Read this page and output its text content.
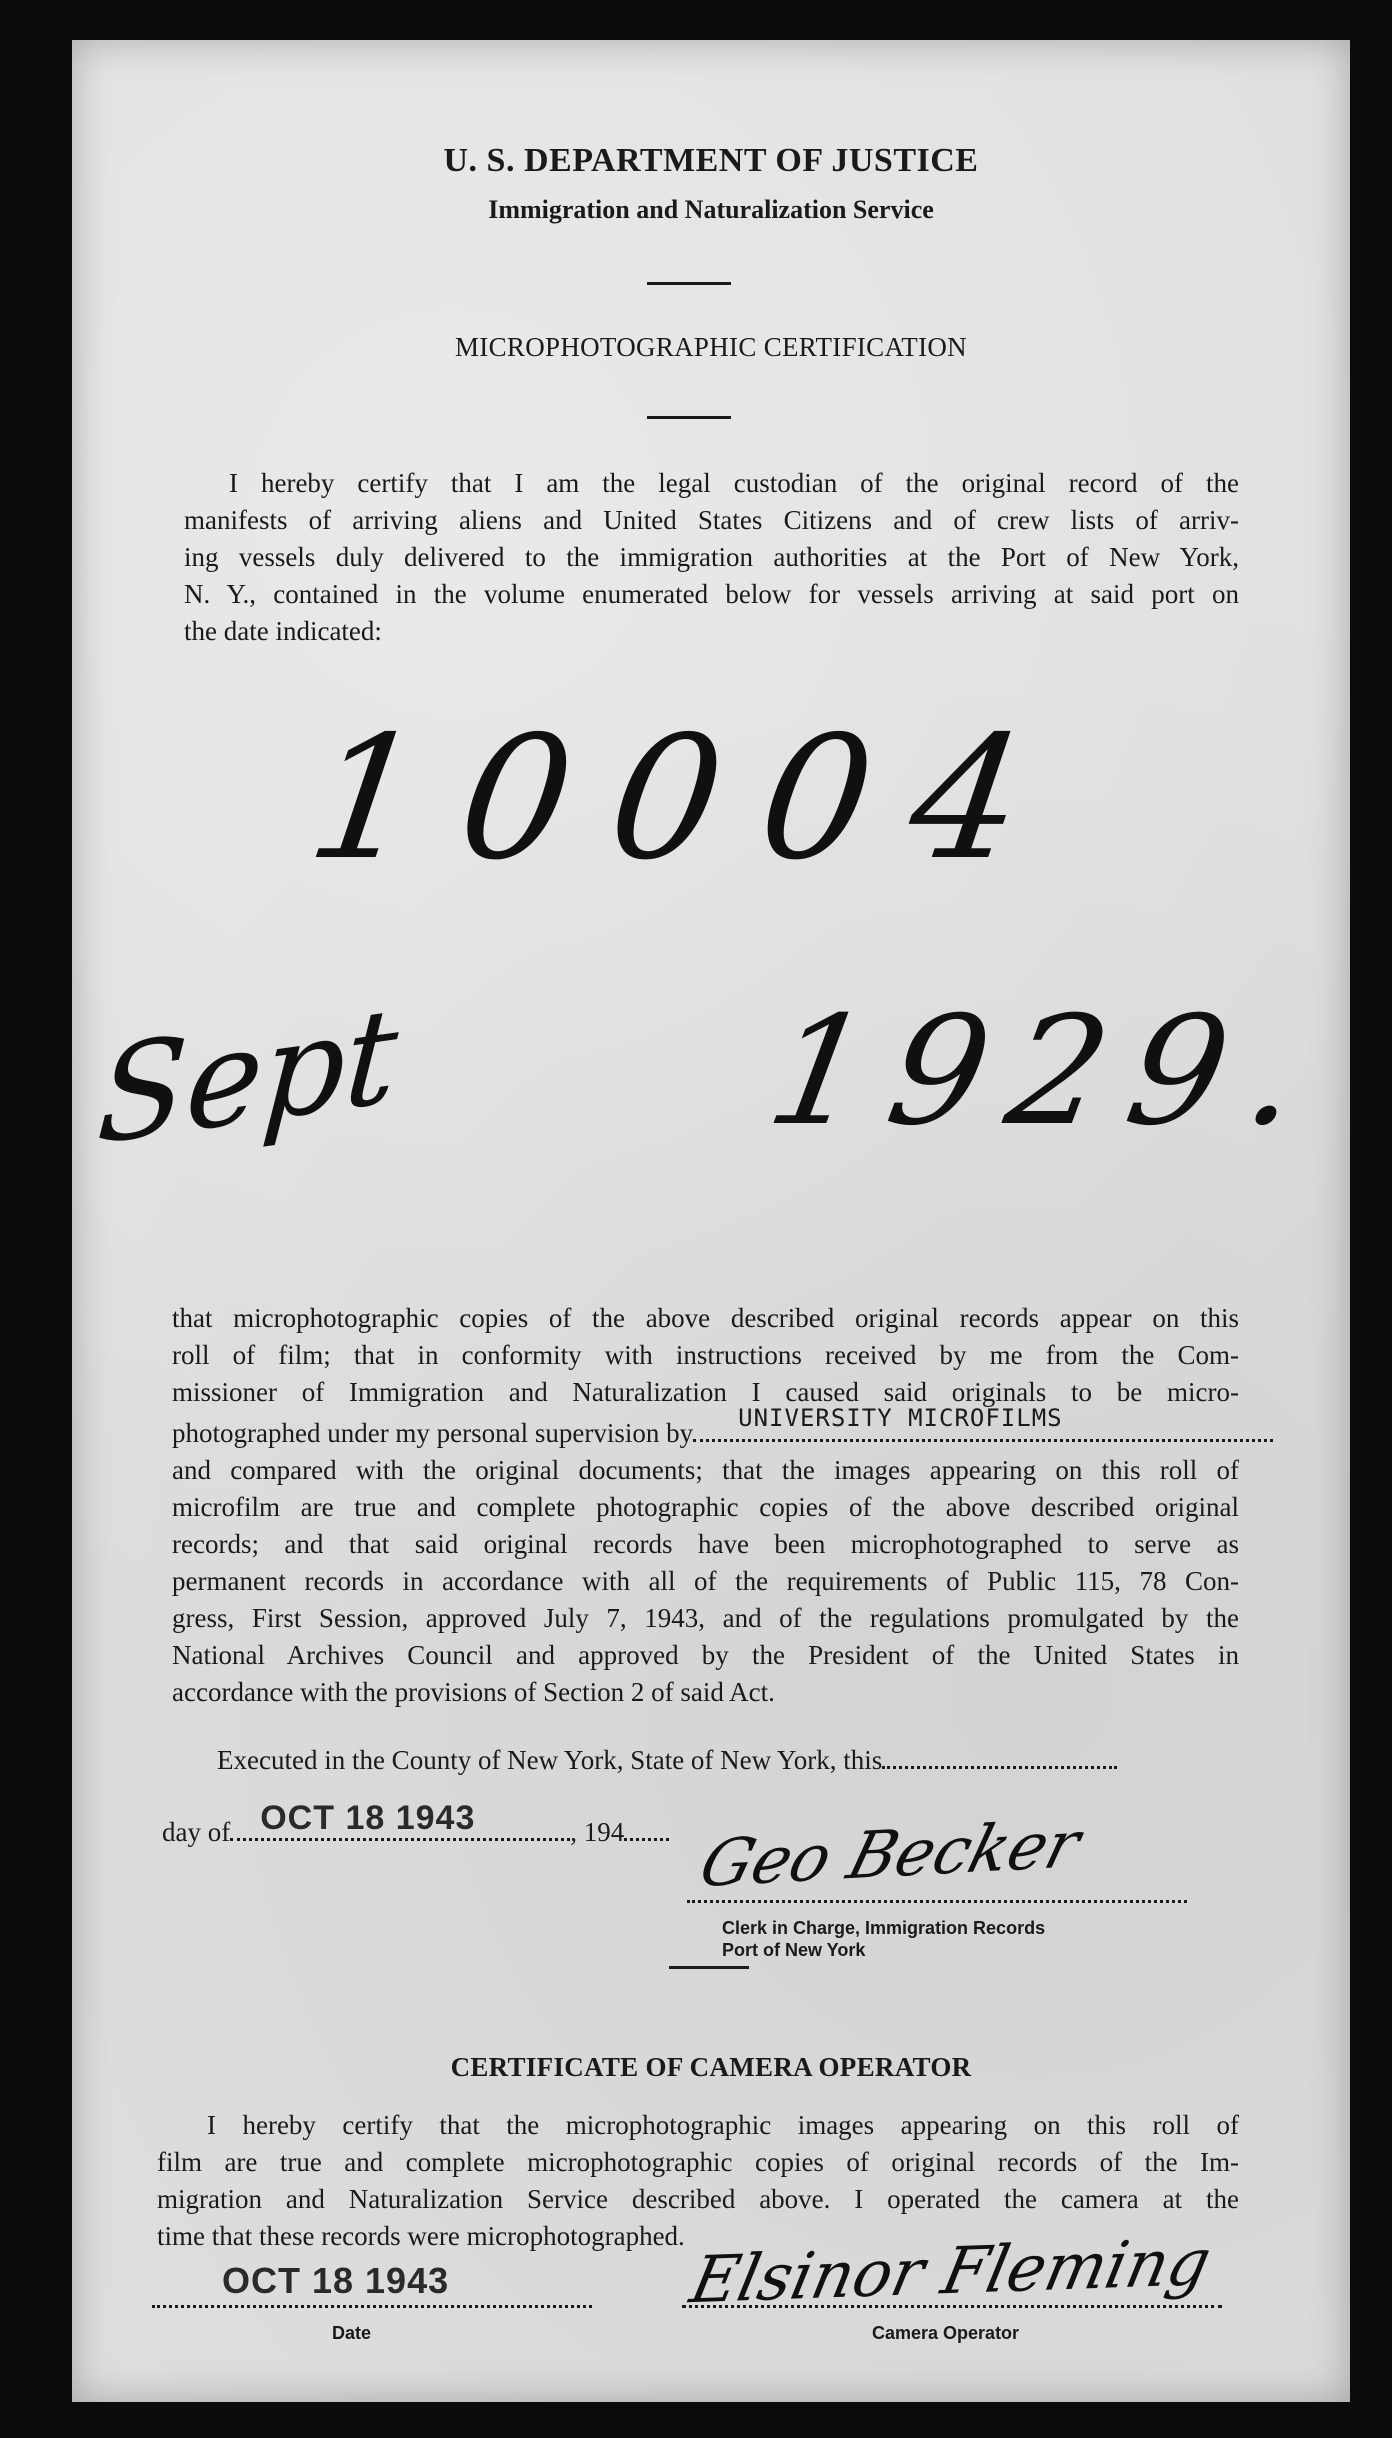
U. S. DEPARTMENT OF JUSTICE
Immigration and Naturalization Service
MICROPHOTOGRAPHIC CERTIFICATION
I hereby certify that I am the legal custodian of the original record of the
manifests of arriving aliens and United States Citizens and of crew lists of arriv-
ing vessels duly delivered to the immigration authorities at the Port of New York,
N. Y., contained in the volume enumerated below for vessels arriving at said port on
the date indicated:
10004
Sept 1929.
that microphotographic copies of the above described original records appear on this
roll of film; that in conformity with instructions received by me from the Com-
missioner of Immigration and Naturalization I caused said originals to be micro-
photographed under my personal supervision by UNIVERSITY MICROFILMS
and compared with the original documents; that the images appearing on this roll of
microfilm are true and complete photographic copies of the above described original
records; and that said original records have been microphotographed to serve as
permanent records in accordance with all of the requirements of Public 115, 78 Con-
gress, First Session, approved July 7, 1943, and of the regulations promulgated by the
National Archives Council and approved by the President of the United States in
accordance with the provisions of Section 2 of said Act.
Executed in the County of New York, State of New York, this
day of OCT 18 1943	, 194	Geo Becker
Clerk in Charge, Immigration Records
Port of New York
CERTIFICATE OF CAMERA OPERATOR
I hereby certify that the microphotographic images appearing on this roll of
film are true and complete microphotographic copies of original records of the Im-
migration and Naturalization Service described above. I operated the camera at the
time that these records were microphotographed.
OCT 18 1943
Date
Elsinor Fleming
Camera Operator
